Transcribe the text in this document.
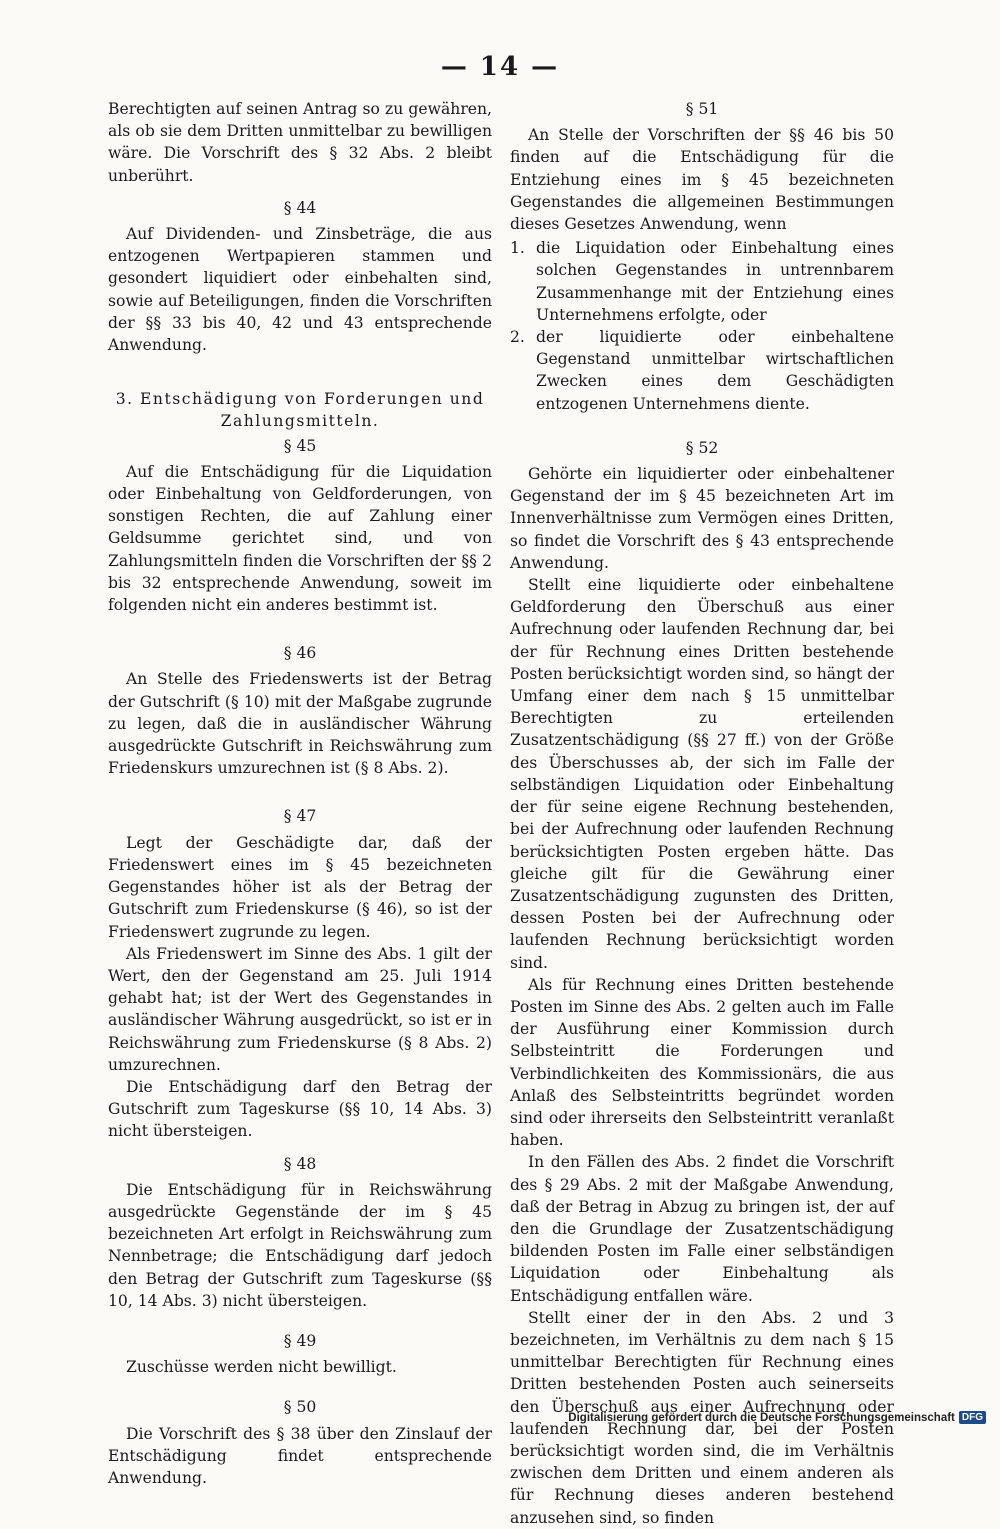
— 14 —

Berechtigten auf seinen Antrag so zu gewähren, als ob sie dem Dritten unmittelbar zu bewilligen wäre. Die Vorschrift des § 32 Abs. 2 bleibt unberührt.

§ 44

Auf Dividenden- und Zinsbeträge, die aus entzogenen Wertpapieren stammen und gesondert liquidiert oder einbehalten sind, sowie auf Beteiligungen, finden die Vorschriften der §§ 33 bis 40, 42 und 43 entsprechende Anwendung.

3. Entschädigung von Forderungen und
Zahlungsmitteln.
§ 45

Auf die Entschädigung für die Liquidation oder Einbehaltung von Geldforderungen, von sonstigen Rechten, die auf Zahlung einer Geldsumme gerichtet sind, und von Zahlungsmitteln finden die Vorschriften der §§ 2 bis 32 entsprechende Anwendung, soweit im folgenden nicht ein anderes bestimmt ist.

§ 46

An Stelle des Friedenswerts ist der Betrag der Gutschrift (§ 10) mit der Maßgabe zugrunde zu legen, daß die in ausländischer Währung ausgedrückte Gutschrift in Reichswährung zum Friedenskurs umzurechnen ist (§ 8 Abs. 2).

§ 47

Legt der Geschädigte dar, daß der Friedenswert eines im § 45 bezeichneten Gegenstandes höher ist als der Betrag der Gutschrift zum Friedenskurse (§ 46), so ist der Friedenswert zugrunde zu legen.

Als Friedenswert im Sinne des Abs. 1 gilt der Wert, den der Gegenstand am 25. Juli 1914 gehabt hat; ist der Wert des Gegenstandes in ausländischer Währung ausgedrückt, so ist er in Reichswährung zum Friedenskurse (§ 8 Abs. 2) umzurechnen.

Die Entschädigung darf den Betrag der Gutschrift zum Tageskurse (§§ 10, 14 Abs. 3) nicht übersteigen.

§ 48

Die Entschädigung für in Reichswährung ausgedrückte Gegenstände der im § 45 bezeichneten Art erfolgt in Reichswährung zum Nennbetrage; die Entschädigung darf jedoch den Betrag der Gutschrift zum Tageskurse (§§ 10, 14 Abs. 3) nicht übersteigen.

§ 49

Zuschüsse werden nicht bewilligt.

§ 50

Die Vorschrift des § 38 über den Zinslauf der Entschädigung findet entsprechende Anwendung.

§ 51

An Stelle der Vorschriften der §§ 46 bis 50 finden auf die Entschädigung für die Entziehung eines im § 45 bezeichneten Gegenstandes die allgemeinen Bestimmungen dieses Gesetzes Anwendung, wenn

1. die Liquidation oder Einbehaltung eines solchen Gegenstandes in untrennbarem Zusammenhange mit der Entziehung eines Unternehmens erfolgte, oder
2. der liquidierte oder einbehaltene Gegenstand unmittelbar wirtschaftlichen Zwecken eines dem Geschädigten entzogenen Unternehmens diente.
§ 52

Gehörte ein liquidierter oder einbehaltener Gegenstand der im § 45 bezeichneten Art im Innenverhältnisse zum Vermögen eines Dritten, so findet die Vorschrift des § 43 entsprechende Anwendung.

Stellt eine liquidierte oder einbehaltene Geldforderung den Überschuß aus einer Aufrechnung oder laufenden Rechnung dar, bei der für Rechnung eines Dritten bestehende Posten berücksichtigt worden sind, so hängt der Umfang einer dem nach § 15 unmittelbar Berechtigten zu erteilenden Zusatzentschädigung (§§ 27 ff.) von der Größe des Überschusses ab, der sich im Falle der selbständigen Liquidation oder Einbehaltung der für seine eigene Rechnung bestehenden, bei der Aufrechnung oder laufenden Rechnung berücksichtigten Posten ergeben hätte. Das gleiche gilt für die Gewährung einer Zusatzentschädigung zugunsten des Dritten, dessen Posten bei der Aufrechnung oder laufenden Rechnung berücksichtigt worden sind.

Als für Rechnung eines Dritten bestehende Posten im Sinne des Abs. 2 gelten auch im Falle der Ausführung einer Kommission durch Selbsteintritt die Forderungen und Verbindlichkeiten des Kommissionärs, die aus Anlaß des Selbsteintritts begründet worden sind oder ihrerseits den Selbsteintritt veranlaßt haben.

In den Fällen des Abs. 2 findet die Vorschrift des § 29 Abs. 2 mit der Maßgabe Anwendung, daß der Betrag in Abzug zu bringen ist, der auf den die Grundlage der Zusatzentschädigung bildenden Posten im Falle einer selbständigen Liquidation oder Einbehaltung als Entschädigung entfallen wäre.

Stellt einer der in den Abs. 2 und 3 bezeichneten, im Verhältnis zu dem nach § 15 unmittelbar Berechtigten für Rechnung eines Dritten bestehenden Posten auch seinerseits den Überschuß aus einer Aufrechnung oder laufenden Rechnung dar, bei der Posten berücksichtigt worden sind, die im Verhältnis zwischen dem Dritten und einem anderen als für Rechnung dieses anderen bestehend anzusehen sind, so finden

Digitalisierung gefördert durch die Deutsche Forschungsgemeinschaft DFG
